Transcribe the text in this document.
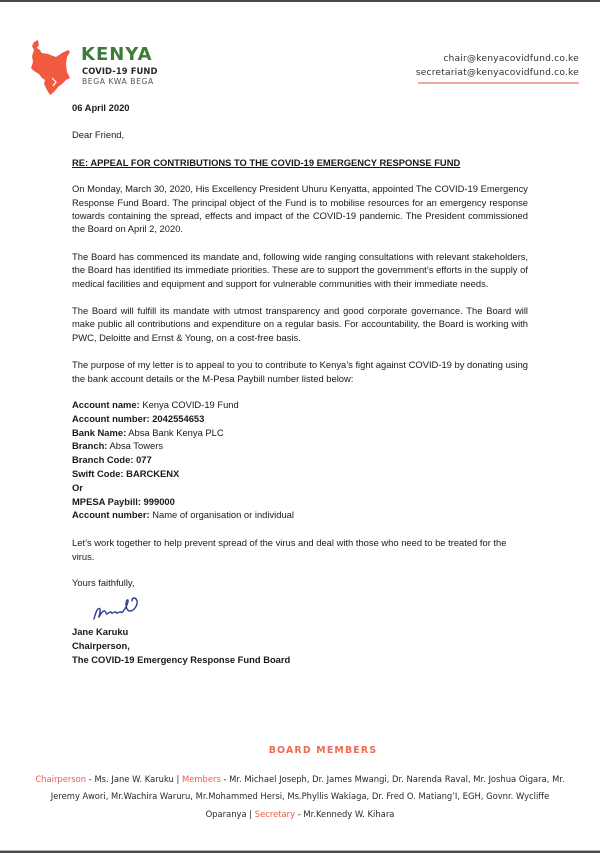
KENYA
COVID-19 FUND
BEGA KWA BEGA
chair@kenyacovidfund.co.ke
secretariat@kenyacovidfund.co.ke
06 April 2020
Dear Friend,
RE: APPEAL FOR CONTRIBUTIONS TO THE COVID-19 EMERGENCY RESPONSE FUND

On Monday, March 30, 2020, His Excellency President Uhuru Kenyatta, appointed The COVID-19 Emergency Response Fund Board. The principal object of the Fund is to mobilise resources for an emergency response towards containing the spread, effects and impact of the COVID-19 pandemic. The President commissioned the Board on April 2, 2020.

The Board has commenced its mandate and, following wide ranging consultations with relevant stakeholders, the Board has identified its immediate priorities. These are to support the government’s efforts in the supply of medical facilities and equipment and support for vulnerable communities with their immediate needs.

The Board will fulfill its mandate with utmost transparency and good corporate governance. The Board will make public all contributions and expenditure on a regular basis. For accountability, the Board is working with PWC, Deloitte and Ernst & Young, on a cost-free basis.

The purpose of my letter is to appeal to you to contribute to Kenya’s fight against COVID-19 by donating using the bank account details or the M-Pesa Paybill number listed below:

Account name: Kenya COVID-19 Fund
Account number: 2042554653
Bank Name: Absa Bank Kenya PLC
Branch: Absa Towers
Branch Code: 077
Swift Code: BARCKENX
Or
MPESA Paybill: 999000
Account number: Name of organisation or individual

Let’s work together to help prevent spread of the virus and deal with those who need to be treated for the virus.

Yours faithfully,
Jane Karuku
Chairperson,
The COVID-19 Emergency Response Fund Board
BOARD MEMBERS
Chairperson - Ms. Jane W. Karuku | Members - Mr. Michael Joseph, Dr. James Mwangi, Dr. Narenda Raval, Mr. Joshua Oigara, Mr. Jeremy Awori, Mr.Wachira Waruru, Mr.Mohammed Hersi, Ms.Phyllis Wakiaga, Dr. Fred O. Matiang’I, EGH, Govnr. Wycliffe Oparanya | Secretary - Mr.Kennedy W. Kihara
